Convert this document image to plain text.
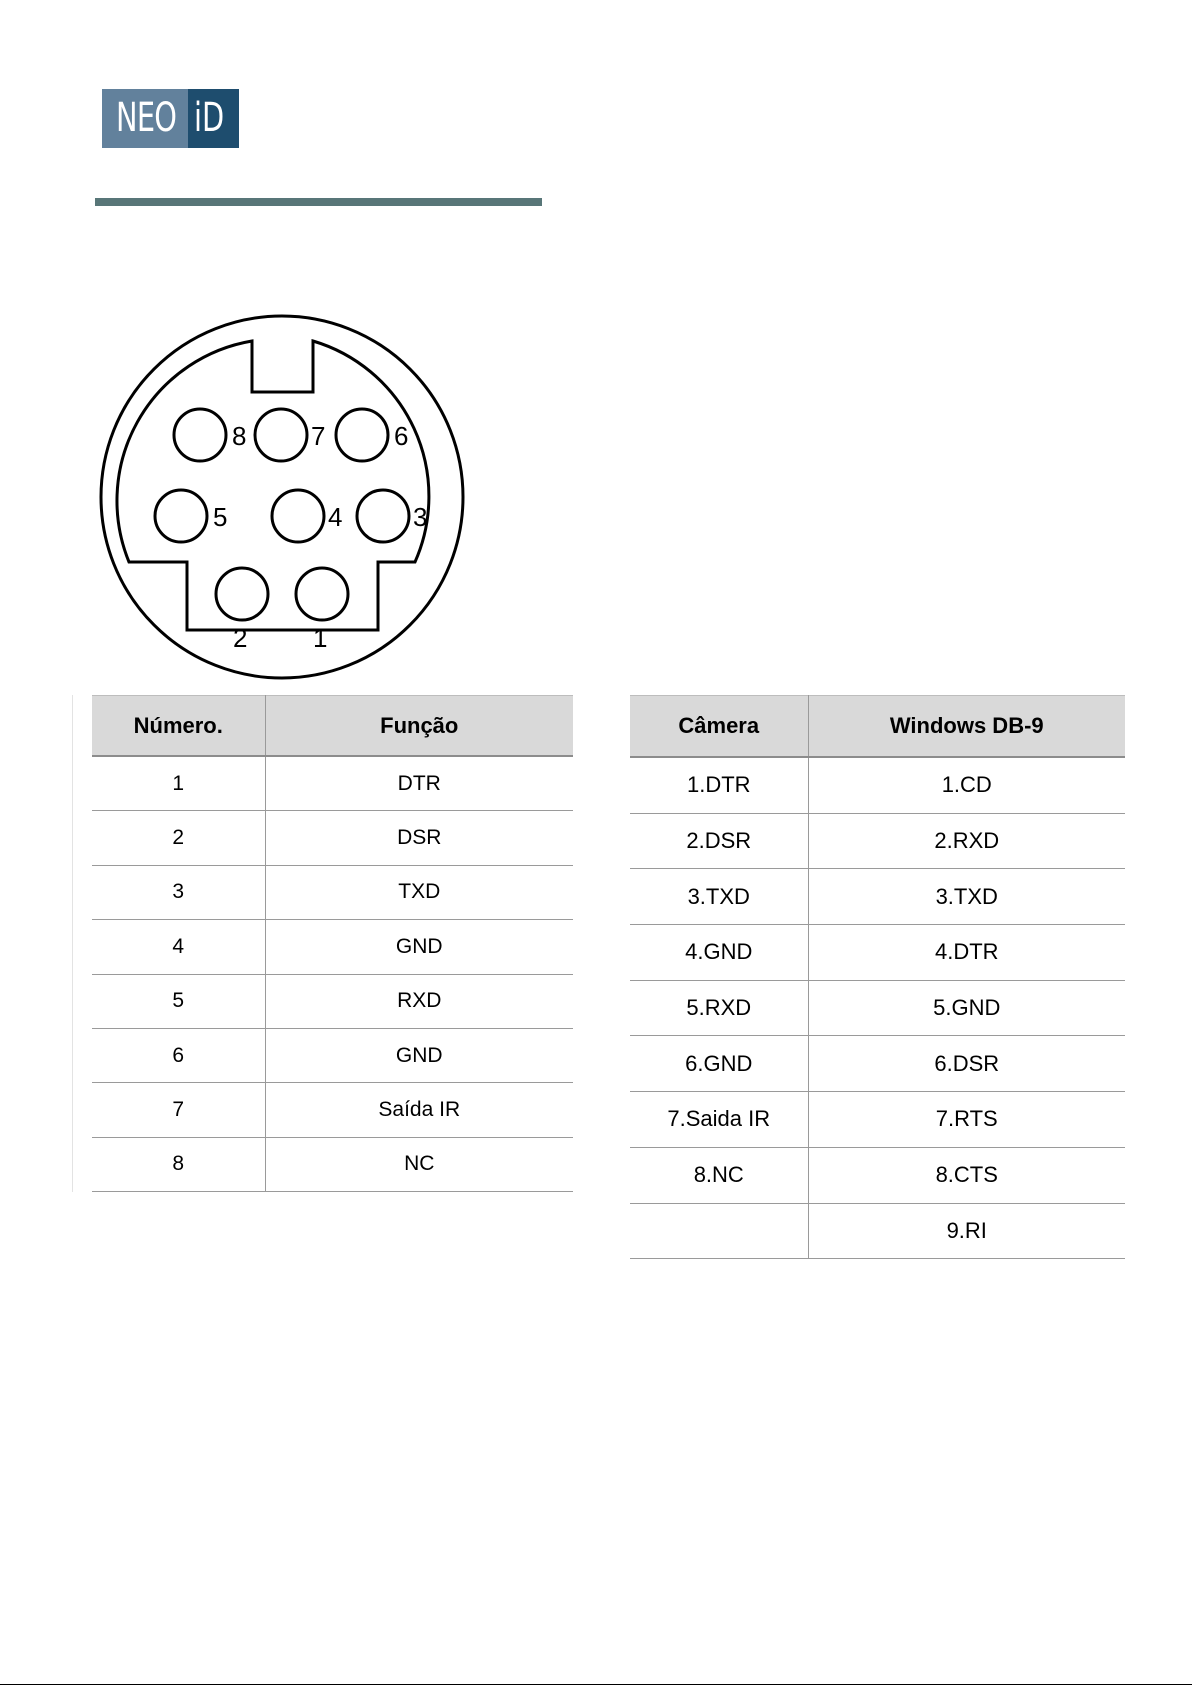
NEO iD
8 7	6
5	4	3
2	1
Número.	Função
1	DTR
2	DSR
3	TXD
4	GND
5	RXD
6	GND
7	Saída IR
8	NC
Câmera	Windows DB-9
1.DTR	1.CD
2.DSR	2.RXD
3.TXD	3.TXD
4.GND	4.DTR
5.RXD	5.GND
6.GND	6.DSR
7.Saida IR	7.RTS
8.NC	8.CTS
	9.RI
